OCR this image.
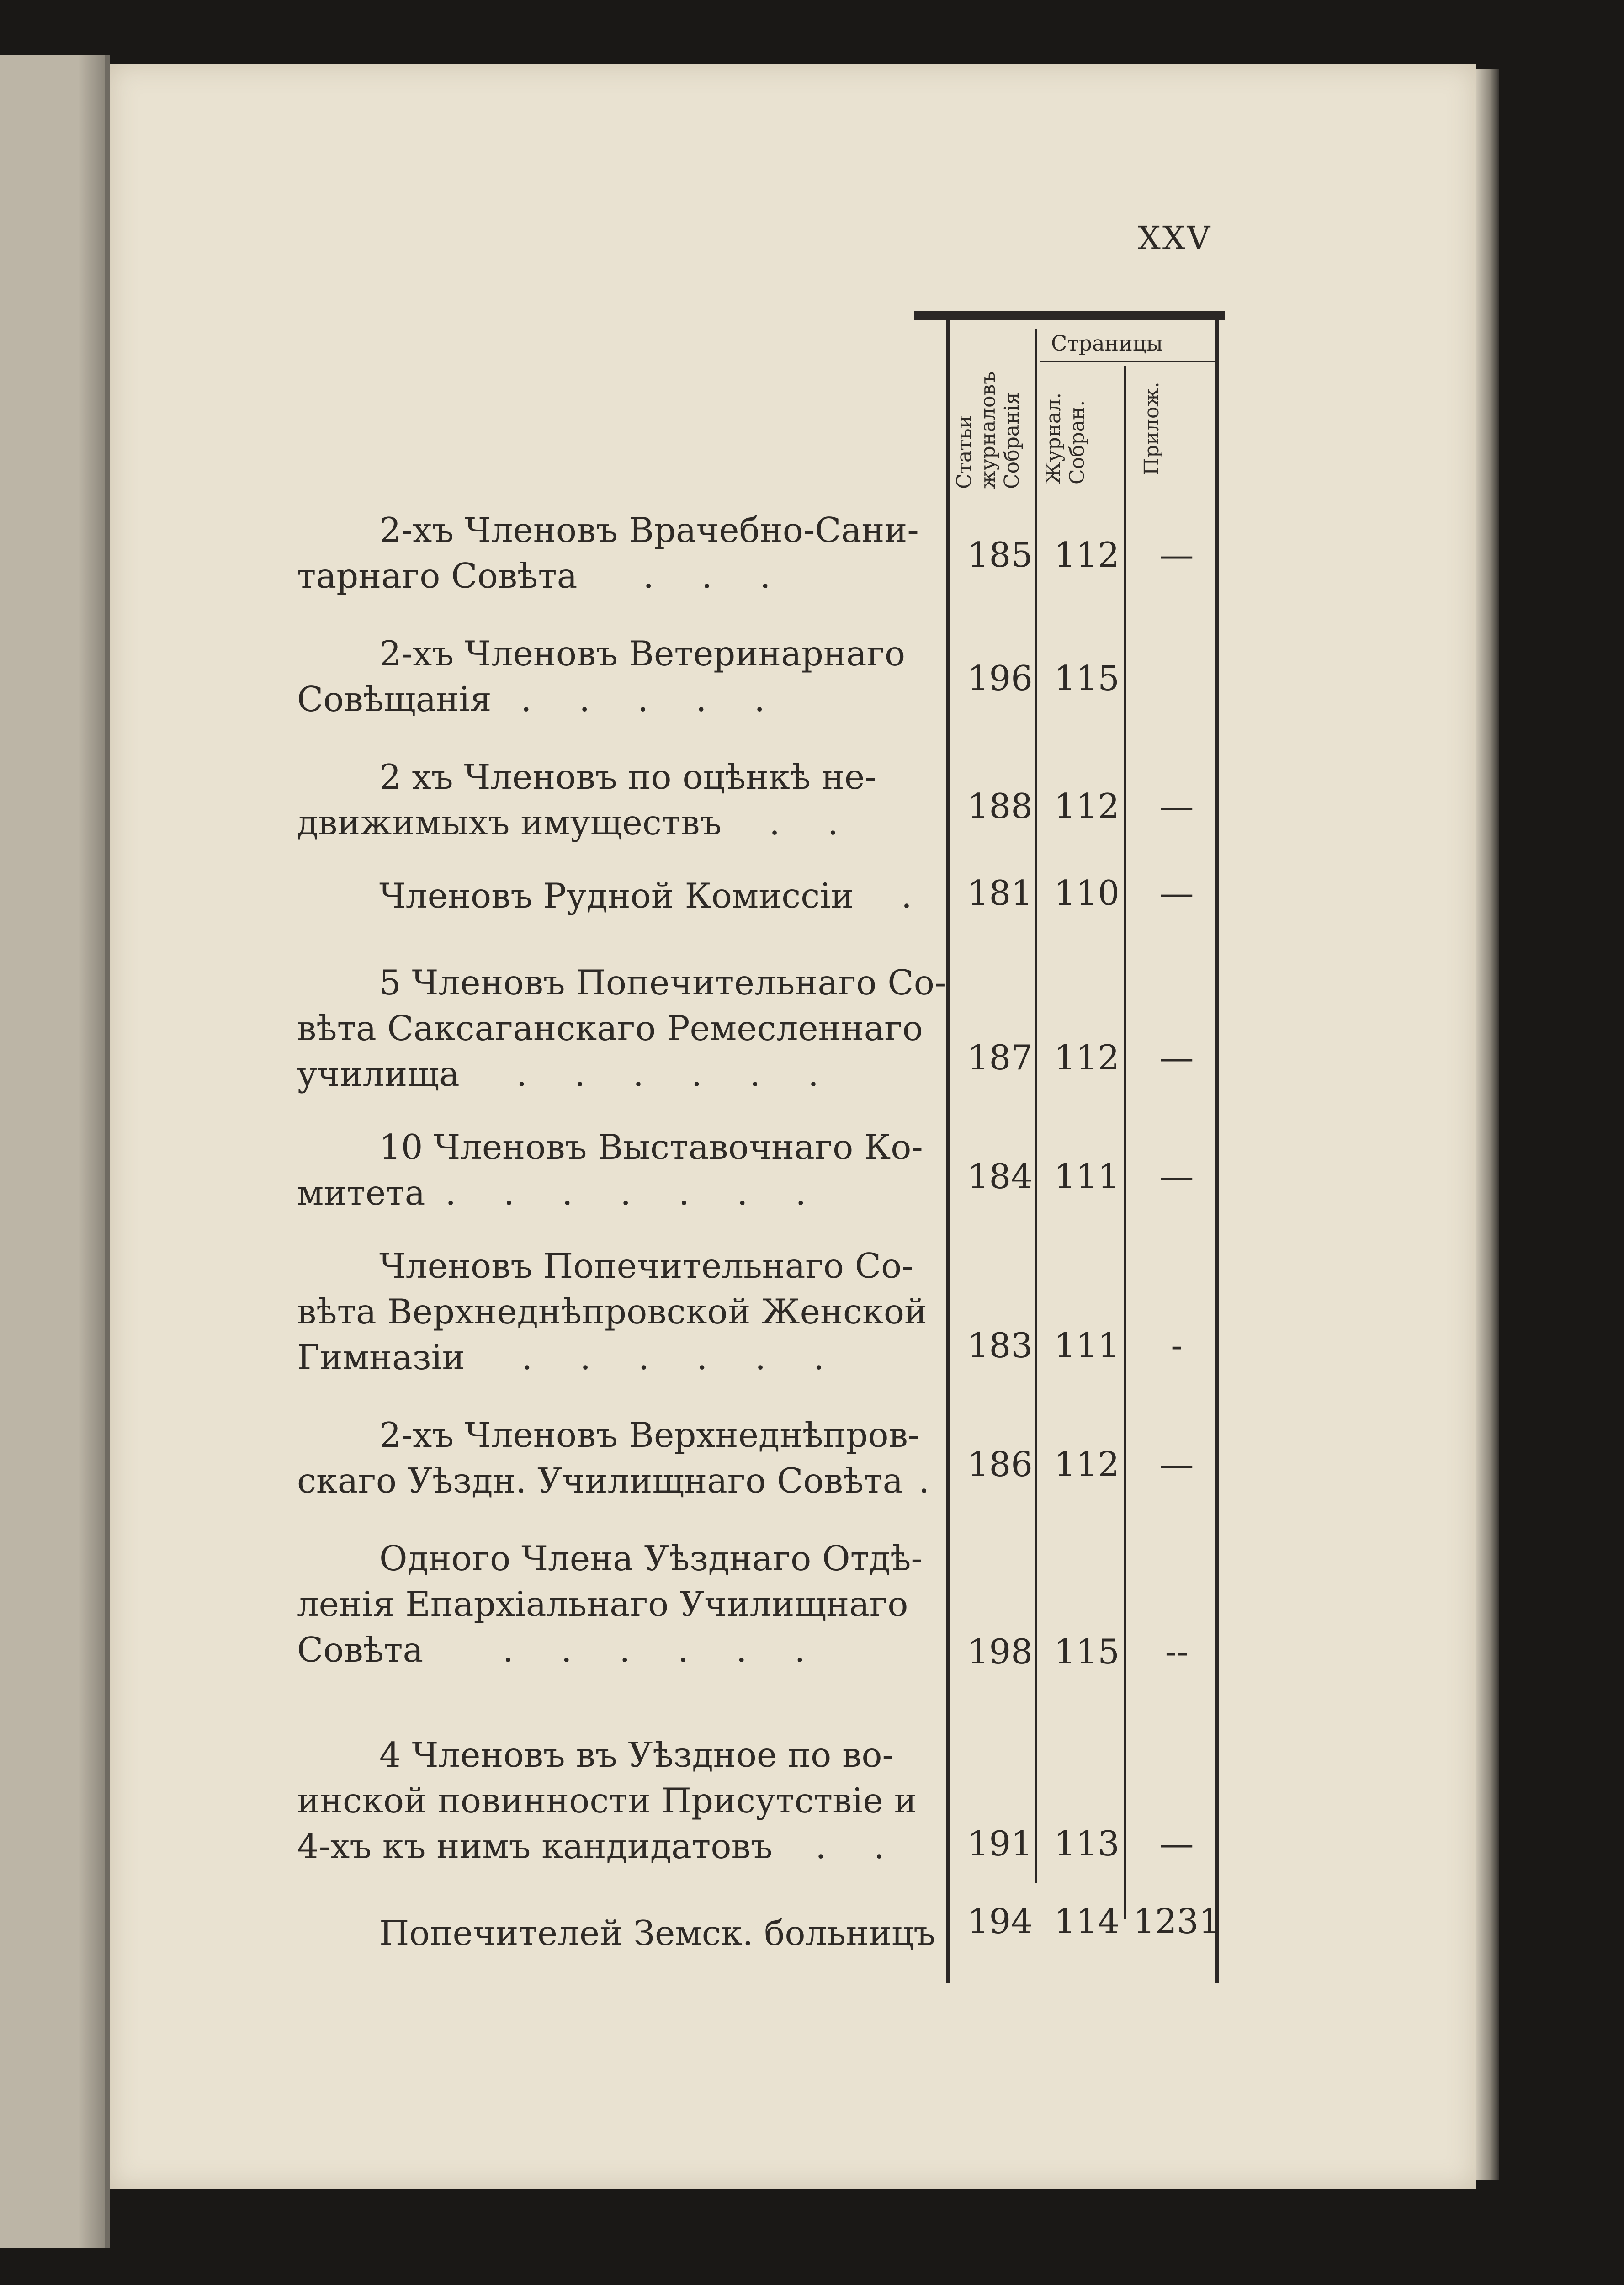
XXV
Статьи
журналовъ
Собранія
Страницы
Журнал.
Собран.	Прилож.
2-хъ Членовъ Врачебно-Сани-
тарнаго Совѣта . . .
185 112	—
2-хъ Членовъ Ветеринарнаго
Совѣщанія . . . . .
196 115
2 хъ Членовъ по оцѣнкѣ не-
движимыхъ имуществъ . .	188 112	—
Членовъ Рудной Комиссіи .	181 110	—
5 Членовъ Попечительнаго Со-
вѣта Саксаганскаго Ремесленнаго
училища . . . . . .	187 112	—
10 Членовъ Выставочнаго Ко-
митета . . . . . . .	184 111	—
Членовъ Попечительнаго Со-
вѣта Верхнеднѣпровской Женской
Гимназіи . . . . . .	183 111	-
2-хъ Членовъ Верхнеднѣпров-
скаго Уѣздн. Училищнаго Совѣта . 186 112	—
Одного Члена Уѣзднаго Отдѣ-
ленія Епархіальнаго Училищнаго
Совѣта . . . . . .	198 115	--
4 Членовъ въ Уѣздное по во-
инской повинности Присутствіе и
4-хъ къ нимъ кандидатовъ . .	191 113	—
Попечителей Земск. больницъ 194 114 1231
